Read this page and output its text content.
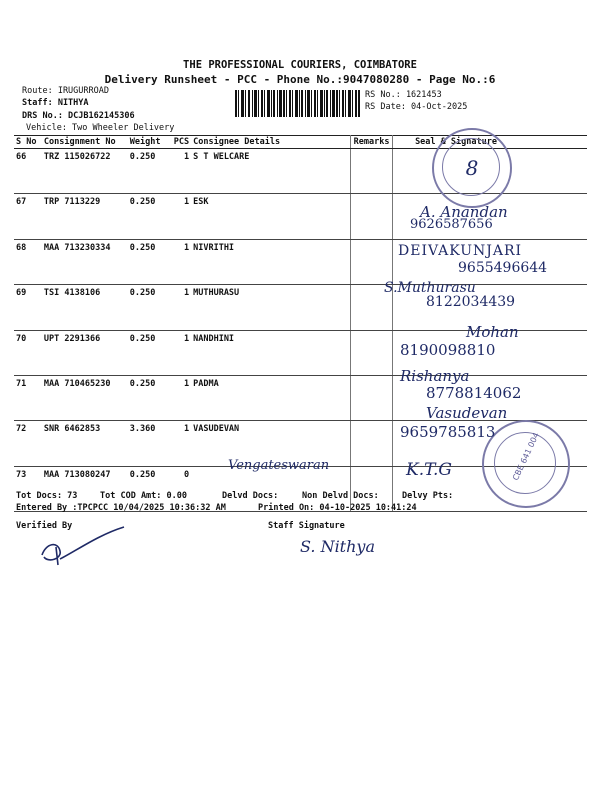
THE PROFESSIONAL COURIERS, COIMBATORE
Delivery Runsheet - PCC - Phone No.:9047080280 - Page No.:6
Route: IRUGURROAD
Staff: NITHYA
DRS No.: DCJB162145306
Vehicle: Two Wheeler Delivery
RS No.: 1621453
RS Date: 04-Oct-2025
S No	Consignment No	Weight	PCS	Consignee Details	Remarks	Seal & Signature
66	TRZ 115026722	0.250	1	S T WELCARE		
67	TRP 7113229	0.250	1	ESK		
68	MAA 713230334	0.250	1	NIVRITHI		
69	TSI 4138106	0.250	1	MUTHURASU		
70	UPT 2291366	0.250	1	NANDHINI		
71	MAA 710465230	0.250	1	PADMA		
72	SNR 6462853	3.360	1	VASUDEVAN		
73	MAA 713080247	0.250	0			
8
CBE 641 004
A. Anandan
9626587656
DEIVAKUNJARI
9655496644
S.Muthurasu
8122034439
Mohan
8190098810
Rishanya
8778814062
Vasudevan
9659785813
Vengateswaran	K.T.G
Tot Docs: 73	Tot COD Amt: 0.00	Delvd Docs:	Non Delvd Docs:	Delvy Pts:
Entered By :TPCPCC 10/04/2025 10:36:32 AM	Printed On: 04-10-2025 10:41:24
Verified By	Staff Signature
S. Nithya
